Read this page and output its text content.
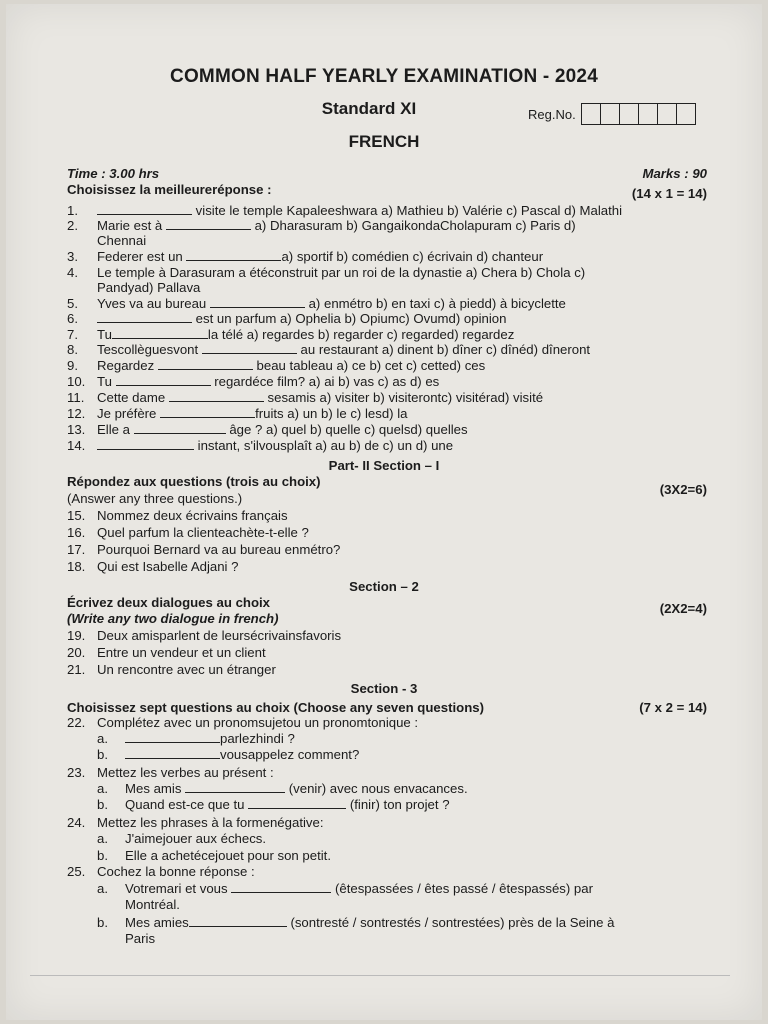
COMMON HALF YEARLY EXAMINATION - 2024
Standard XI	Reg.No.
FRENCH
Time : 3.00 hrs	Marks : 90
Choisissez la meilleureréponse :	(14 x 1 = 14)
1.	visite le temple Kapaleeshwara a) Mathieu b) Valérie c) Pascal d) Malathi
2. Marie est à	a) Dharasuram b) GangaikondaCholapuram c) Paris d)
Chennai
3. Federer est un	a) sportif b) comédien c) écrivain d) chanteur
4. Le temple à Darasuram a étéconstruit par un roi de la dynastie a) Chera b) Chola c)
Pandyad) Pallava
5. Yves va au bureau	a) enmétro b) en taxi c) à piedd) à bicyclette
6.	est un parfum a) Ophelia b) Opiumc) Ovumd) opinion
7. Tu	la télé a) regardes b) regarder c) regarded) regardez
8. Tescollèguesvont	au restaurant a) dinent b) dîner c) dînéd) dîneront
9. Regardez	beau tableau a) ce b) cet c) cetted) ces
10. Tu	regardéce film? a) ai b) vas c) as d) es
11. Cette dame	sesamis a) visiter b) visiterontc) visitérad) visité
12. Je préfère	fruits a) un b) le c) lesd) la
13. Elle a	âge ? a) quel b) quelle c) quelsd) quelles
14.	instant, s'ilvousplaît a) au b) de c) un d) une
Part- II Section – I
Répondez aux questions (trois au choix)
(3X2=6)
(Answer any three questions.)
15. Nommez deux écrivains français
16. Quel parfum la clienteachète-t-elle ?
17. Pourquoi Bernard va au bureau enmétro?
18. Qui est Isabelle Adjani ?
Section – 2
Écrivez deux dialogues au choix	(2X2=4)
(Write any two dialogue in french)
19. Deux amisparlent de leursécrivainsfavoris
20. Entre un vendeur et un client
21. Un rencontre avec un étranger
Section - 3
Choisissez sept questions au choix (Choose any seven questions)	(7 x 2 = 14)
22. Complétez avec un pronomsujetou un pronomtonique :
a.	parlezhindi ?
b.	vousappelez comment?
23. Mettez les verbes au présent :
a. Mes amis	(venir) avec nous envacances.
b. Quand est-ce que tu	(finir) ton projet ?
24. Mettez les phrases à la formenégative:
a. J'aimejouer aux échecs.
b. Elle a achetécejouet pour son petit.
25. Cochez la bonne réponse :
a. Votremari et vous	(êtespassées / êtes passé / êtespassés) par
Montréal.
b. Mes amies	(sontresté / sontrestés / sontrestées) près de la Seine à
Paris
